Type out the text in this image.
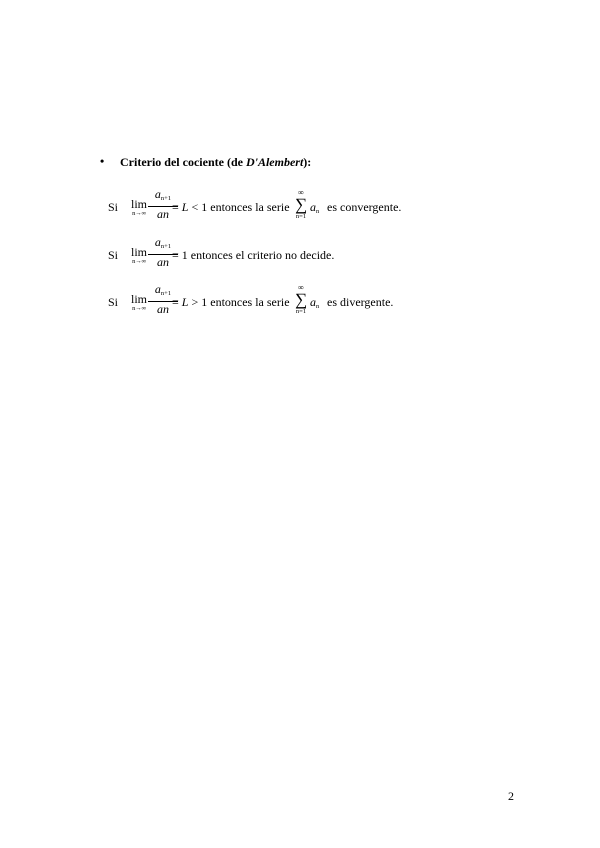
• Criterio del cociente (de D'Alembert):
Si lim
$n\to\infty \frac{a_{n+1}}{an}$
= L < 1 entonces la serie
∞
∑
n=1
$a_n$ es convergente.
Si lim
$n\to\infty \frac{a_{n+1}}{an}$
= 1 entonces el criterio no decide.
Si lim
$n\to\infty \frac{a_{n+1}}{an}$
= L > 1 entonces la serie
∞
∑
n=1
$a_n$ es divergente.
2
